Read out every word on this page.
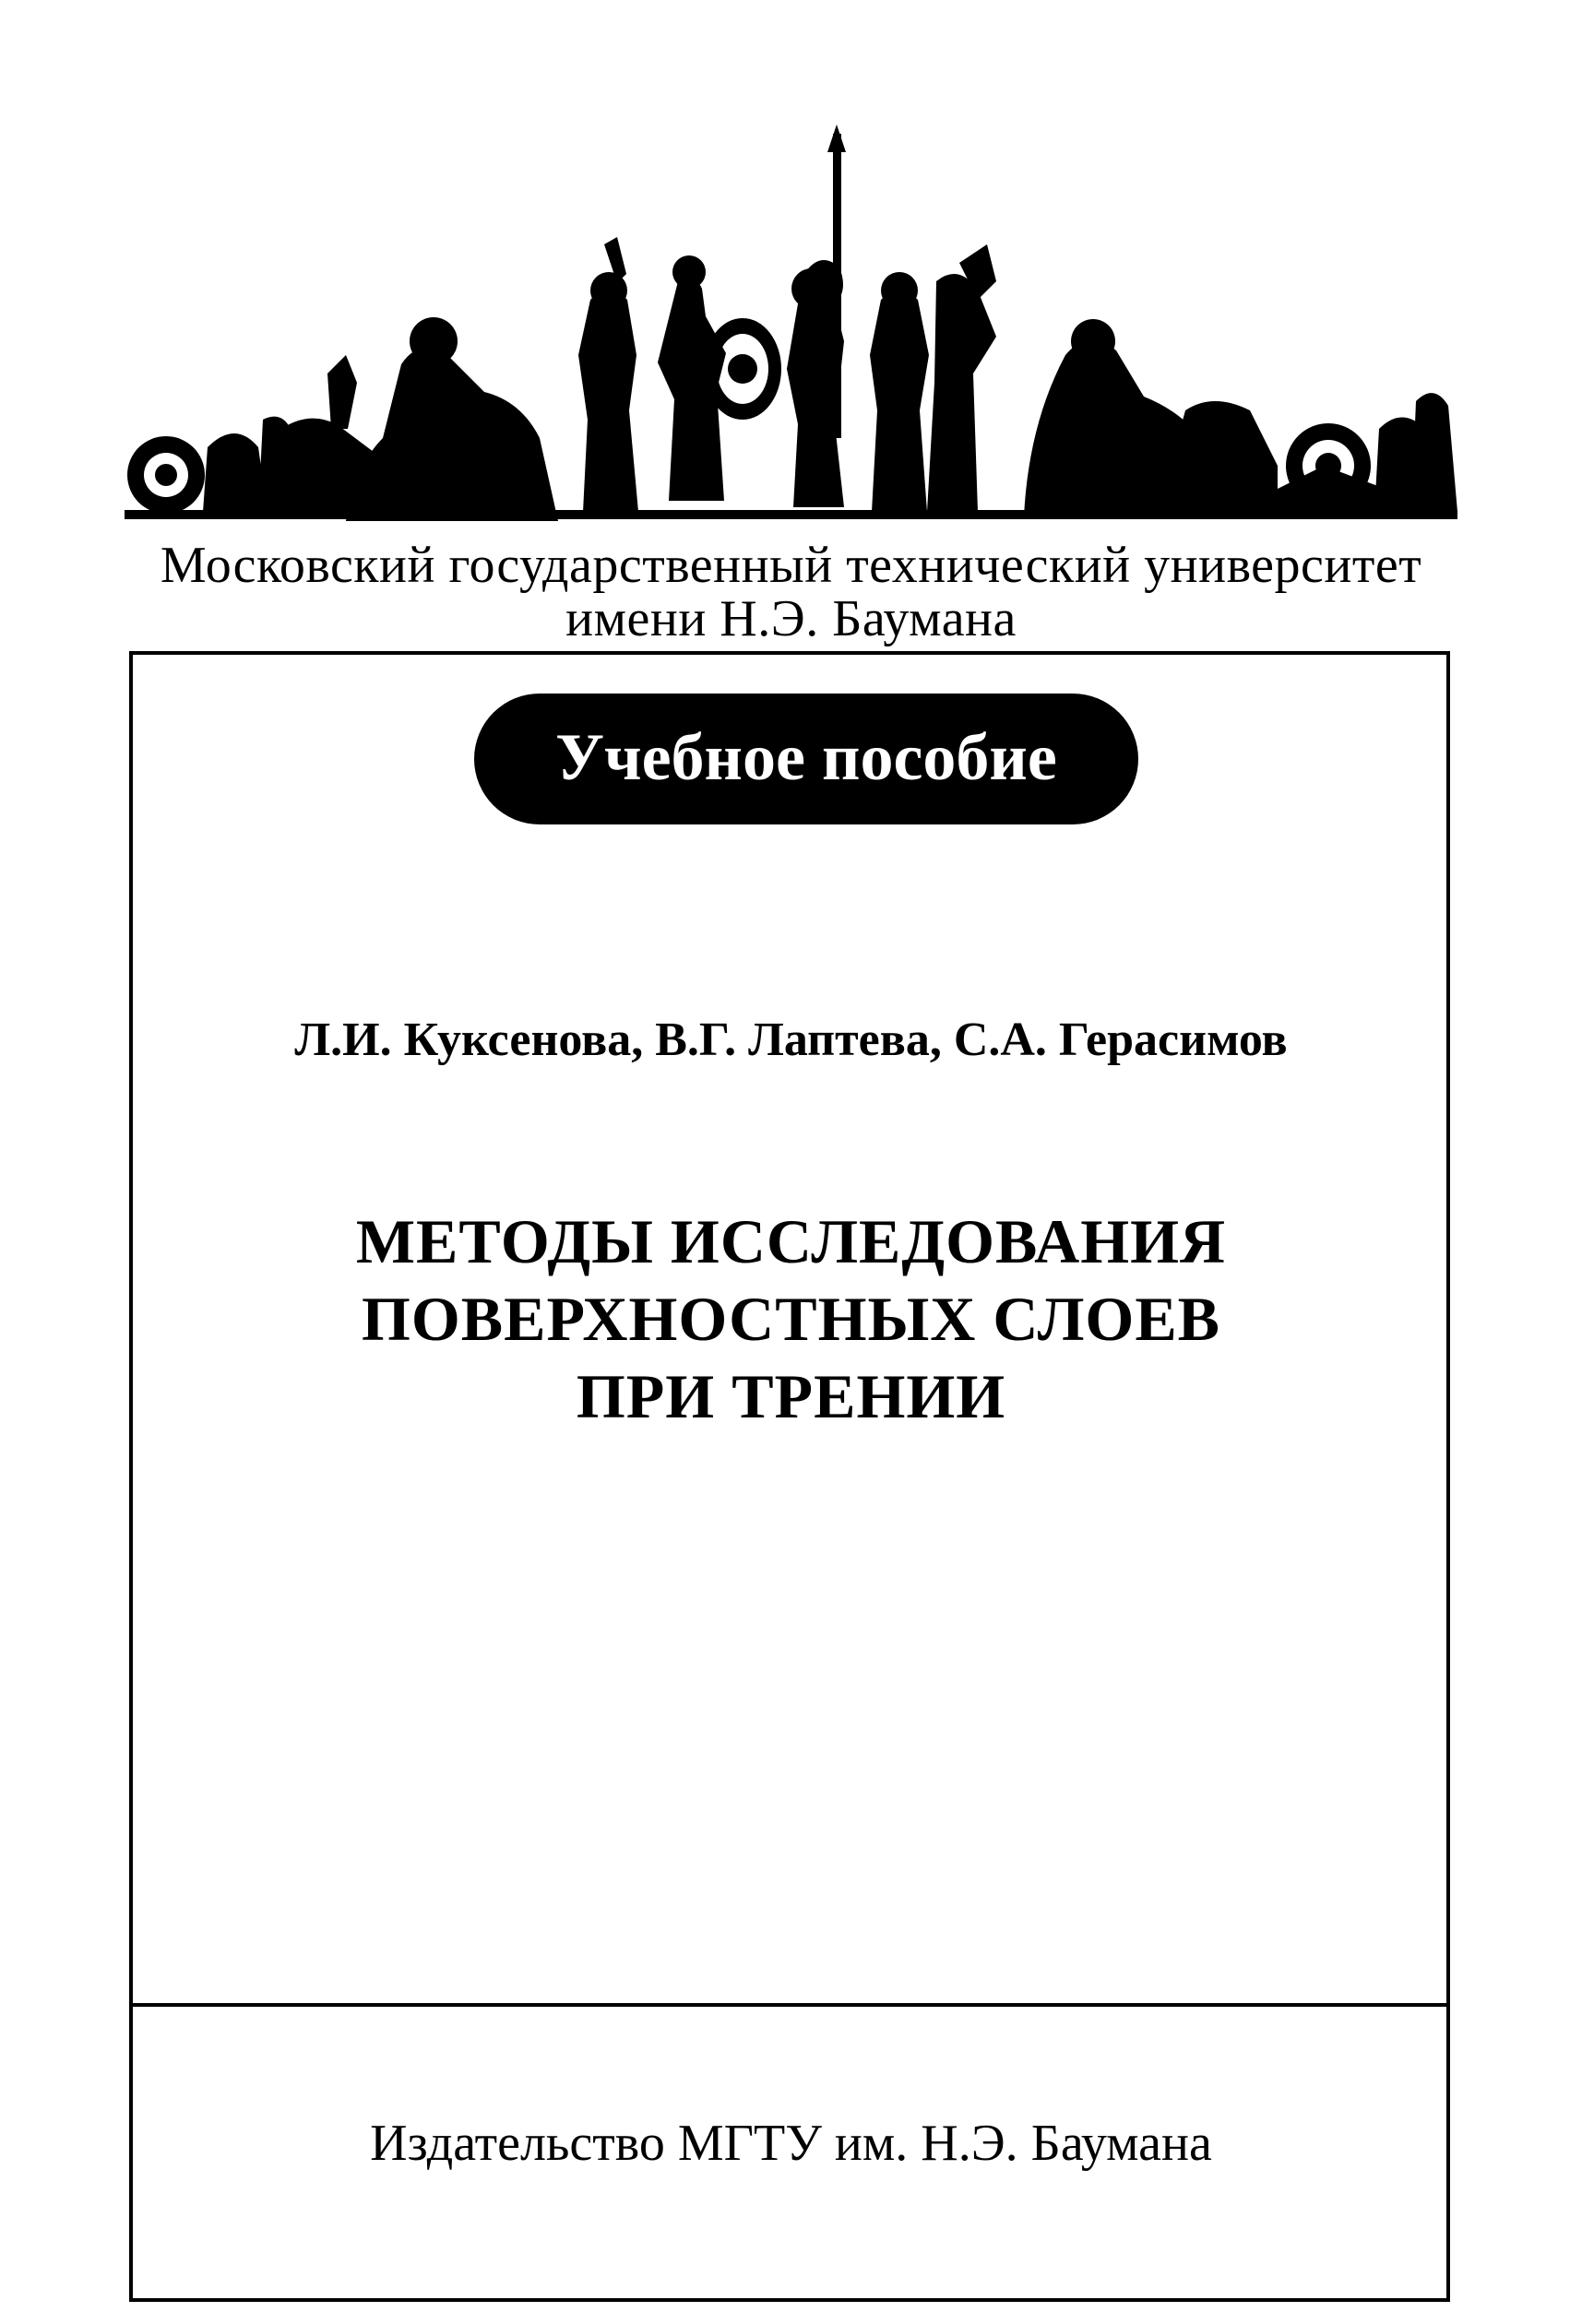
Московский государственный технический университет
имени Н.Э. Баумана
Учебное пособие
Л.И. Куксенова, В.Г. Лаптева, С.А. Герасимов
МЕТОДЫ ИССЛЕДОВАНИЯ
ПОВЕРХНОСТНЫХ СЛОЕВ
ПРИ ТРЕНИИ
Издательство МГТУ им. Н.Э. Баумана
